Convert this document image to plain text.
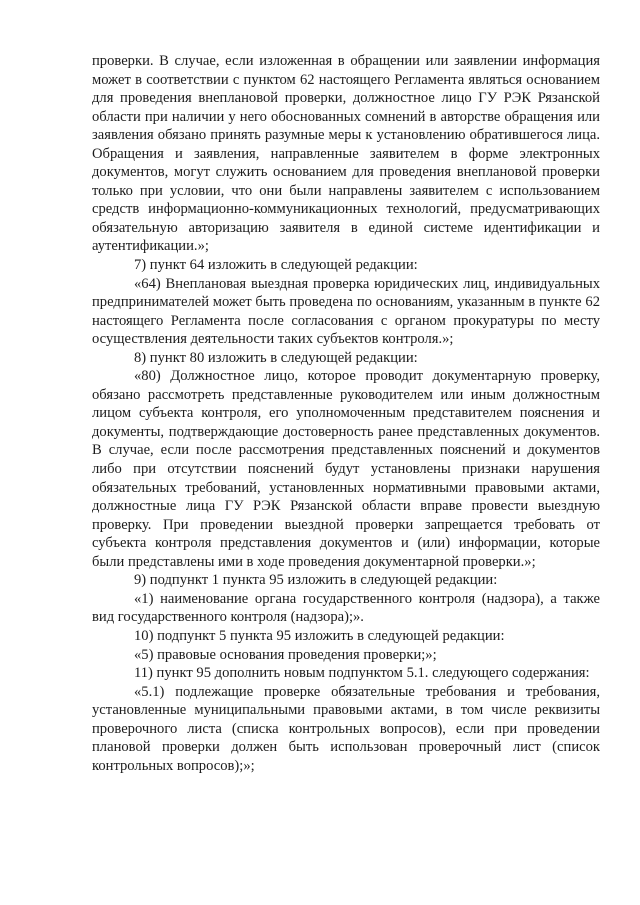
проверки. В случае, если изложенная в обращении или заявлении информация может в соответствии с пунктом 62 настоящего Регламента являться основанием для проведения внеплановой проверки, должностное лицо ГУ РЭК Рязанской области при наличии у него обоснованных сомнений в авторстве обращения или заявления обязано принять разумные меры к установлению обратившегося лица. Обращения и заявления, направленные заявителем в форме электронных документов, могут служить основанием для проведения внеплановой проверки только при условии, что они были направлены заявителем с использованием средств информационно-коммуникационных технологий, предусматривающих обязательную авторизацию заявителя в единой системе идентификации и аутентификации.»;

7) пункт 64 изложить в следующей редакции:

«64) Внеплановая выездная проверка юридических лиц, индивидуальных предпринимателей может быть проведена по основаниям, указанным в пункте 62 настоящего Регламента после согласования с органом прокуратуры по месту осуществления деятельности таких субъектов контроля.»;

8) пункт 80 изложить в следующей редакции:

«80) Должностное лицо, которое проводит документарную проверку, обязано рассмотреть представленные руководителем или иным должностным лицом субъекта контроля, его уполномоченным представителем пояснения и документы, подтверждающие достоверность ранее представленных документов. В случае, если после рассмотрения представленных пояснений и документов либо при отсутствии пояснений будут установлены признаки нарушения обязательных требований, установленных нормативными правовыми актами, должностные лица ГУ РЭК Рязанской области вправе провести выездную проверку. При проведении выездной проверки запрещается требовать от субъекта контроля представления документов и (или) информации, которые были представлены ими в ходе проведения документарной проверки.»;

9) подпункт 1 пункта 95 изложить в следующей редакции:

«1) наименование органа государственного контроля (надзора), а также вид государственного контроля (надзора);».

10) подпункт 5 пункта 95 изложить в следующей редакции:

«5) правовые основания проведения проверки;»;

11) пункт 95 дополнить новым подпунктом 5.1. следующего содержания:

«5.1) подлежащие проверке обязательные требования и требования, установленные муниципальными правовыми актами, в том числе реквизиты проверочного листа (списка контрольных вопросов), если при проведении плановой проверки должен быть использован проверочный лист (список контрольных вопросов);»;
